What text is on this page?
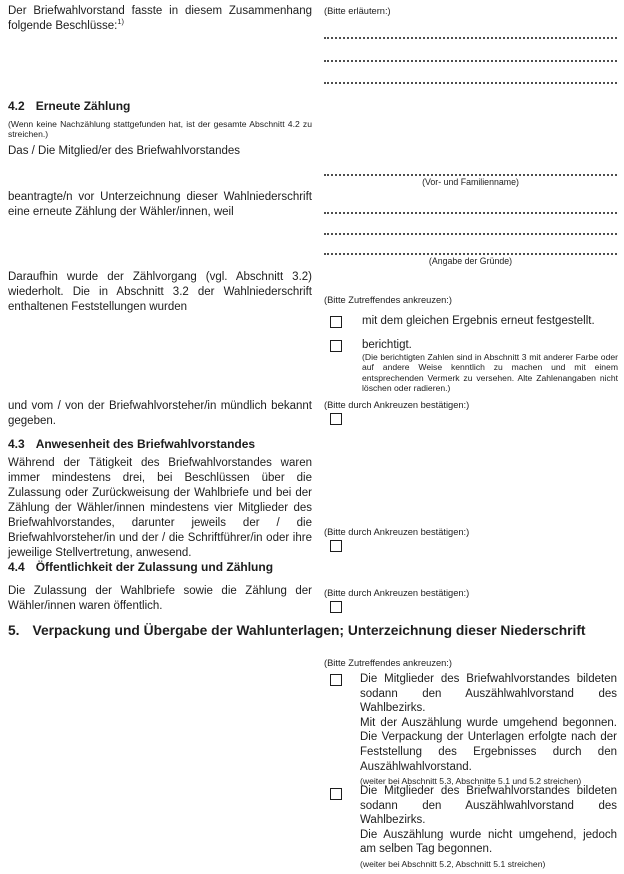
Der Briefwahlvorstand fasste in diesem Zusammenhang folgende Beschlüsse:$^{1)}$
4.2 Erneute Zählung
(Wenn keine Nachzählung stattgefunden hat, ist der gesamte Abschnitt 4.2 zu streichen.)
Das / Die Mitglied/er des Briefwahlvorstandes
beantragte/n vor Unterzeichnung dieser Wahlniederschrift eine erneute Zählung der Wähler/innen, weil
Daraufhin wurde der Zählvorgang (vgl. Abschnitt 3.2) wiederholt. Die in Abschnitt 3.2 der Wahlniederschrift enthaltenen Feststellungen wurden
und vom / von der Briefwahlvorsteher/in mündlich bekannt gegeben.
4.3 Anwesenheit des Briefwahlvorstandes
Während der Tätigkeit des Briefwahlvorstandes waren immer mindestens drei, bei Beschlüssen über die Zulassung oder Zurückweisung der Wahlbriefe und bei der Zählung der Wähler/innen mindestens vier Mitglieder des Briefwahlvorstandes, darunter jeweils der / die Briefwahlvorsteher/in und der / die Schriftführer/in oder ihre jeweilige Stellvertretung, anwesend.
4.4 Öffentlichkeit der Zulassung und Zählung
Die Zulassung der Wahlbriefe sowie die Zählung der Wähler/innen waren öffentlich.
5. Verpackung und Übergabe der Wahlunterlagen; Unterzeichnung dieser Niederschrift
(Bitte erläutern:)
(Vor- und Familienname)
(Angabe der Gründe)
(Bitte Zutreffendes ankreuzen:)
mit dem gleichen Ergebnis erneut festgestellt.
berichtigt.
(Die berichtigten Zahlen sind in Abschnitt 3 mit anderer Farbe oder auf andere Weise kenntlich zu machen und mit einem entsprechenden Vermerk zu versehen. Alte Zahlenangaben nicht löschen oder radieren.)
(Bitte durch Ankreuzen bestätigen:)
(Bitte durch Ankreuzen bestätigen:)
(Bitte durch Ankreuzen bestätigen:)
(Bitte Zutreffendes ankreuzen:)
Die Mitglieder des Briefwahlvorstandes bildeten sodann den Auszählwahlvorstand des Wahlbezirks.
Mit der Auszählung wurde umgehend begonnen. Die Verpackung der Unterlagen erfolgte nach der Feststellung des Ergebnisses durch den Auszählwahlvorstand.
(weiter bei Abschnitt 5.3, Abschnitte 5.1 und 5.2 streichen)
Die Mitglieder des Briefwahlvorstandes bildeten sodann den Auszählwahlvorstand des Wahlbezirks.
Die Auszählung wurde nicht umgehend, jedoch am selben Tag begonnen.
(weiter bei Abschnitt 5.2, Abschnitt 5.1 streichen)
